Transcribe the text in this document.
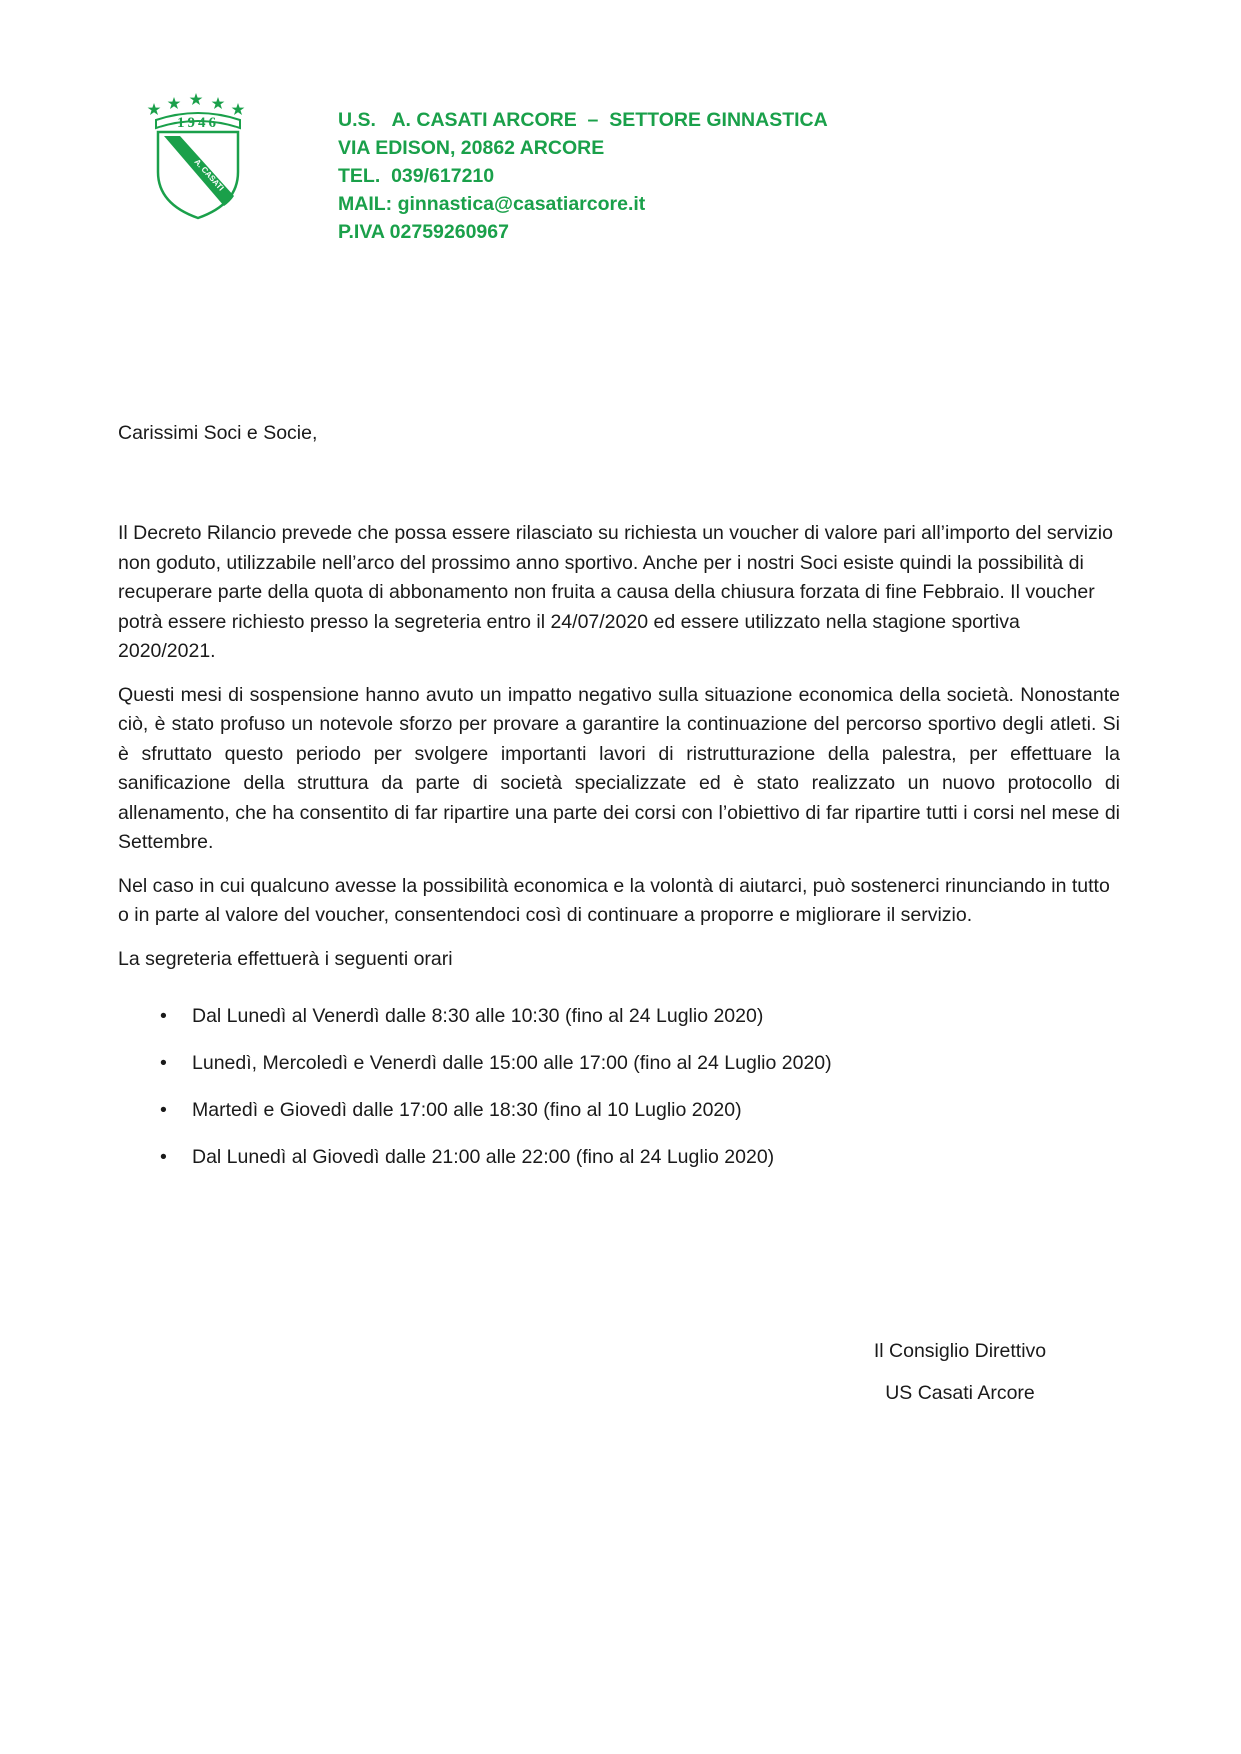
1946
A. CASATI
U.S.   A. CASATI ARCORE  –  SETTORE GINNASTICA
VIA EDISON, 20862 ARCORE
TEL.  039/617210
MAIL: ginnastica@casatiarcore.it
P.IVA 02759260967
Carissimi Soci e Socie,

Il Decreto Rilancio prevede che possa essere rilasciato su richiesta un voucher di valore pari all’importo del servizio non goduto, utilizzabile nell’arco del prossimo anno sportivo. Anche per i nostri Soci esiste quindi la possibilità di recuperare parte della quota di abbonamento non fruita a causa della chiusura forzata di fine Febbraio. Il voucher potrà essere richiesto presso la segreteria entro il 24/07/2020 ed essere utilizzato nella stagione sportiva 2020/2021.

Questi mesi di sospensione hanno avuto un impatto negativo sulla situazione economica della società. Nonostante ciò, è stato profuso un notevole sforzo per provare a garantire la continuazione del percorso sportivo degli atleti. Si è sfruttato questo periodo per svolgere importanti lavori di ristrutturazione della palestra, per effettuare la sanificazione della struttura da parte di società specializzate ed è stato realizzato un nuovo protocollo di allenamento, che ha consentito di far ripartire una parte dei corsi con l’obiettivo di far ripartire tutti i corsi nel mese di Settembre.

Nel caso in cui qualcuno avesse la possibilità economica e la volontà di aiutarci, può sostenerci rinunciando in tutto o in parte al valore del voucher, consentendoci così di continuare a proporre e migliorare il servizio.

La segreteria effettuerà i seguenti orari

• Dal Lunedì al Venerdì dalle 8:30 alle 10:30 (fino al 24 Luglio 2020)
• Lunedì, Mercoledì e Venerdì dalle 15:00 alle 17:00 (fino al 24 Luglio 2020)
• Martedì e Giovedì dalle 17:00 alle 18:30 (fino al 10 Luglio 2020)
• Dal Lunedì al Giovedì dalle 21:00 alle 22:00 (fino al 24 Luglio 2020)
Il Consiglio Direttivo
US Casati Arcore
